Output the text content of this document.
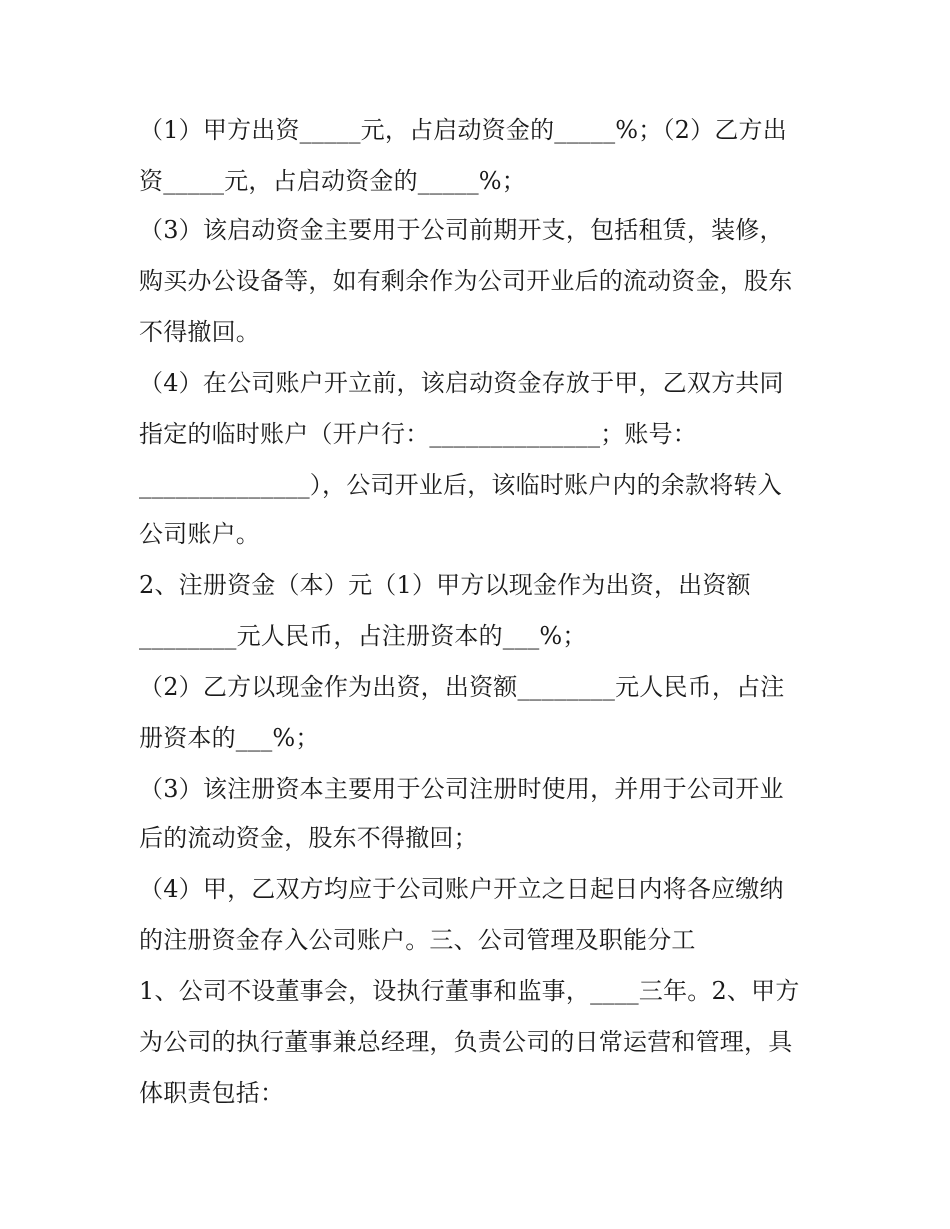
（1）甲方出资_____元，占启动资金的_____%；（2）乙方出
资_____元，占启动资金的_____%；
（3）该启动资金主要用于公司前期开支，包括租赁，装修，
购买办公设备等，如有剩余作为公司开业后的流动资金，股东
不得撤回。
（4）在公司账户开立前，该启动资金存放于甲，乙双方共同
指定的临时账户（开户行：______________；账号：
______________），公司开业后，该临时账户内的余款将转入
公司账户。
2、注册资金（本）元（1）甲方以现金作为出资，出资额
________元人民币，占注册资本的___%；
（2）乙方以现金作为出资，出资额________元人民币，占注
册资本的___%；
（3）该注册资本主要用于公司注册时使用，并用于公司开业
后的流动资金，股东不得撤回；
（4）甲，乙双方均应于公司账户开立之日起日内将各应缴纳
的注册资金存入公司账户。三、公司管理及职能分工
1、公司不设董事会，设执行董事和监事，____三年。2、甲方
为公司的执行董事兼总经理，负责公司的日常运营和管理，具
体职责包括：
